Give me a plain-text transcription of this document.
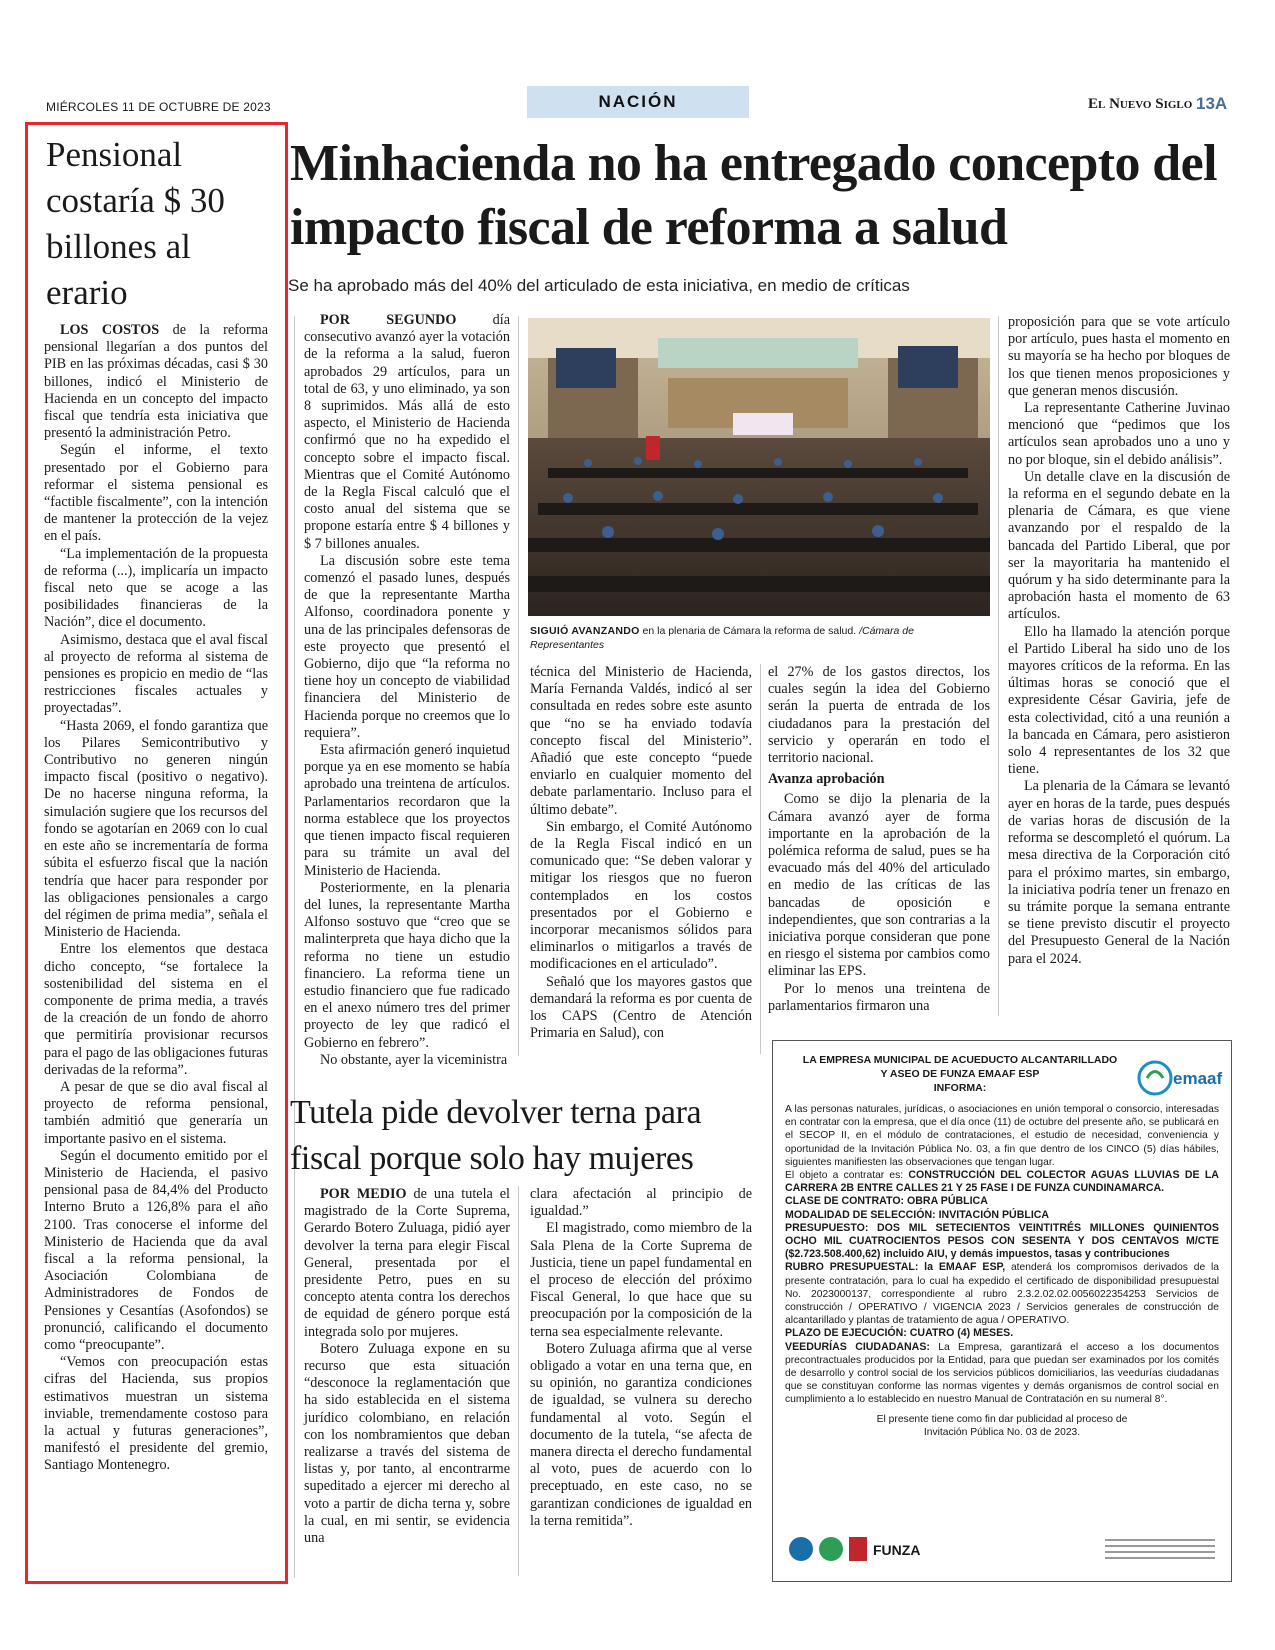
MIÉRCOLES 11 DE OCTUBRE DE 2023	NACIÓN	El Nuevo Siglo 13A
Pensional costaría $ 30 billones al erario

LOS COSTOS de la reforma pensional llegarían a dos puntos del PIB en las próximas décadas, casi $ 30 billones, indicó el Ministerio de Hacienda en un concepto del impacto fiscal que tendría esta iniciativa que presentó la administración Petro.

Según el informe, el texto presentado por el Gobierno para reformar el sistema pensional es “factible fiscalmente”, con la intención de mantener la protección de la vejez en el país.

“La implementación de la propuesta de reforma (...), implicaría un impacto fiscal neto que se acoge a las posibilidades financieras de la Nación”, dice el documento.

Asimismo, destaca que el aval fiscal al proyecto de reforma al sistema de pensiones es propicio en medio de “las restricciones fiscales actuales y proyectadas”.

“Hasta 2069, el fondo garantiza que los Pilares Semicontributivo y Contributivo no generen ningún impacto fiscal (positivo o negativo). De no hacerse ninguna reforma, la simulación sugiere que los recursos del fondo se agotarían en 2069 con lo cual en este año se incrementaría de forma súbita el esfuerzo fiscal que la nación tendría que hacer para responder por las obligaciones pensionales a cargo del régimen de prima media”, señala el Ministerio de Hacienda.

Entre los elementos que destaca dicho concepto, “se fortalece la sostenibilidad del sistema en el componente de prima media, a través de la creación de un fondo de ahorro que permitiría provisionar recursos para el pago de las obligaciones futuras derivadas de la reforma”.

A pesar de que se dio aval fiscal al proyecto de reforma pensional, también admitió que generaría un importante pasivo en el sistema.

Según el documento emitido por el Ministerio de Hacienda, el pasivo pensional pasa de 84,4% del Producto Interno Bruto a 126,8% para el año 2100. Tras conocerse el informe del Ministerio de Hacienda que da aval fiscal a la reforma pensional, la Asociación Colombiana de Administradores de Fondos de Pensiones y Cesantías (Asofondos) se pronunció, calificando el documento como “preocupante”.

“Vemos con preocupación estas cifras del Hacienda, sus propios estimativos muestran un sistema inviable, tremendamente costoso para la actual y futuras generaciones”, manifestó el presidente del gremio, Santiago Montenegro.

Minhacienda no ha entregado concepto del impacto fiscal de reforma a salud
Se ha aprobado más del 40% del articulado de esta iniciativa, en medio de críticas

POR SEGUNDO	día consecutivo avanzó ayer la votación de la reforma a la salud, fueron aprobados 29 artículos, para un total de 63, y uno eliminado, ya son 8 suprimidos. Más allá de esto aspecto, el Ministerio de Hacienda confirmó que no ha expedido el concepto sobre el impacto fiscal. Mientras que el Comité Autónomo de la Regla Fiscal calculó que el costo anual del sistema que se propone estaría entre $ 4 billones y $ 7 billones anuales.

La discusión sobre este tema comenzó el pasado lunes, después de que la representante Martha Alfonso, coordinadora ponente y una de las principales defensoras de este proyecto que presentó el Gobierno, dijo que “la reforma no tiene hoy un concepto de viabilidad financiera del Ministerio de Hacienda porque no creemos que lo requiera”.

Esta afirmación generó inquietud porque ya en ese momento se había aprobado una treintena de artículos. Parlamentarios recordaron que la norma establece que los proyectos que tienen impacto fiscal requieren para su trámite un aval del Ministerio de Hacienda.

Posteriormente, en la plenaria del lunes, la representante Martha Alfonso sostuvo que “creo que se malinterpreta que haya dicho que la reforma no tiene un estudio financiero. La reforma tiene un estudio financiero que fue radicado en el anexo número tres del primer proyecto de ley que radicó el Gobierno en febrero”.

No obstante, ayer la viceministra

SIGUIÓ AVANZANDO en la plenaria de Cámara la reforma de salud. /Cámara de Representantes

técnica del Ministerio de Hacienda, María Fernanda Valdés, indicó al ser consultada en redes sobre este asunto que “no se ha enviado todavía concepto fiscal del Ministerio”. Añadió que este concepto “puede enviarlo en cualquier momento del debate parlamentario. Incluso para el último debate”.

Sin embargo, el Comité Autónomo de la Regla Fiscal indicó en un comunicado que: “Se deben valorar y mitigar los riesgos que no fueron contemplados en los costos presentados por el Gobierno e incorporar mecanismos sólidos para eliminarlos o mitigarlos a través de modificaciones en el articulado”.

Señaló que los mayores gastos que demandará la reforma es por cuenta de los CAPS (Centro de Atención Primaria en Salud), con

el 27% de los gastos directos, los cuales según la idea del Gobierno serán la puerta de entrada de los ciudadanos para la prestación del servicio y operarán en todo el territorio nacional.

Avanza aprobación

Como se dijo la plenaria de la Cámara avanzó ayer de forma importante en la aprobación de la polémica reforma de salud, pues se ha evacuado más del 40% del articulado en medio de las críticas de las bancadas de oposición e independientes, que son contrarias a la iniciativa porque consideran que pone en riesgo el sistema por cambios como eliminar las EPS.

Por lo menos una treintena de parlamentarios firmaron una

proposición para que se vote artículo por artículo, pues hasta el momento en su mayoría se ha hecho por bloques de los que tienen menos proposiciones y que generan menos discusión.

La representante Catherine Juvinao mencionó que “pedimos que los artículos sean aprobados uno a uno y no por bloque, sin el debido análisis”.

Un detalle clave en la discusión de la reforma en el segundo debate en la plenaria de Cámara, es que viene avanzando por el respaldo de la bancada del Partido Liberal, que por ser la mayoritaria ha mantenido el quórum y ha sido determinante para la aprobación hasta el momento de 63 artículos.

Ello ha llamado la atención porque el Partido Liberal ha sido uno de los mayores críticos de la reforma. En las últimas horas se conoció que el expresidente César Gaviria, jefe de esta colectividad, citó a una reunión a la bancada en Cámara, pero asistieron solo 4 representantes de los 32 que tiene.

La plenaria de la Cámara se levantó ayer en horas de la tarde, pues después de varias horas de discusión de la reforma se descompletó el quórum. La mesa directiva de la Corporación citó para el próximo martes, sin embargo, la iniciativa podría tener un frenazo en su trámite porque la semana entrante se tiene previsto discutir el proyecto del Presupuesto General de la Nación para el 2024.

Tutela pide devolver terna para fiscal porque solo hay mujeres

POR MEDIO de una tutela el magistrado de la Corte Suprema, Gerardo Botero Zuluaga, pidió ayer devolver la terna para elegir Fiscal General, presentada por el presidente Petro, pues en su concepto atenta contra los derechos de equidad de género porque está integrada solo por mujeres.

Botero Zuluaga expone en su recurso que esta situación “desconoce la reglamentación que ha sido establecida en el sistema jurídico colombiano, en relación con los nombramientos que deban realizarse a través del sistema de listas y, por tanto, al encontrarme supeditado a ejercer mi derecho al voto a partir de dicha terna y, sobre la cual, en mi sentir, se evidencia una

clara afectación al principio de igualdad.”

El magistrado, como miembro de la Sala Plena de la Corte Suprema de Justicia, tiene un papel fundamental en el proceso de elección del próximo Fiscal General, lo que hace que su preocupación por la composición de la terna sea especialmente relevante.

Botero Zuluaga afirma que al verse obligado a votar en una terna que, en su opinión, no garantiza condiciones de igualdad, se vulnera su derecho fundamental al voto. Según el documento de la tutela, “se afecta de manera directa el derecho fundamental al voto, pues de acuerdo con lo preceptuado, en este caso, no se garantizan condiciones de igualdad en la terna remitida”.

LA EMPRESA MUNICIPAL DE ACUEDUCTO ALCANTARILLADO
Y ASEO DE FUNZA EMAAF ESP
INFORMA:	emaaf
A las personas naturales, jurídicas, o asociaciones en unión temporal o consorcio, interesadas en contratar con la empresa, que el día once (11) de octubre del presente año, se publicará en el SECOP II, en el módulo de contrataciones, el estudio de necesidad, conveniencia y oportunidad de la Invitación Pública No. 03, a fin que dentro de los CINCO (5) días hábiles, siguientes manifiesten las observaciones que tengan lugar.
El objeto a contratar es: CONSTRUCCIÓN DEL COLECTOR AGUAS LLUVIAS DE LA CARRERA 2B ENTRE CALLES 21 Y 25 FASE I DE FUNZA CUNDINAMARCA.
CLASE DE CONTRATO: OBRA PÚBLICA
MODALIDAD DE SELECCIÓN: INVITACIÓN PÚBLICA
PRESUPUESTO: DOS MIL SETECIENTOS VEINTITRÉS MILLONES QUINIENTOS OCHO MIL CUATROCIENTOS PESOS CON SESENTA Y DOS CENTAVOS M/CTE ($2.723.508.400,62) incluido AIU, y demás impuestos, tasas y contribuciones
RUBRO PRESUPUESTAL: la EMAAF ESP, atenderá los compromisos derivados de la presente contratación, para lo cual ha expedido el certificado de disponibilidad presupuestal No. 2023000137, correspondiente al rubro 2.3.2.02.02.00560223542​53 Servicios de construcción / OPERATIVO / VIGENCIA 2023 / Servicios generales de construcción de alcantarillado y plantas de tratamiento de agua / OPERATIVO.
PLAZO DE EJECUCIÓN: CUATRO (4) MESES.
VEEDURÍAS CIUDADANAS: La Empresa, garantizará el acceso a los documentos precontractuales producidos por la Entidad, para que puedan ser examinados por los comités de desarrollo y control social de los servicios públicos domiciliarios, las veedurías ciudadanas que se constituyan conforme las normas vigentes y demás organismos de control social en cumplimiento a lo establecido en nuestro Manual de Contratación en su numeral 8°.
El presente tiene como fin dar publicidad al proceso de
Invitación Pública No. 03 de 2023.
FUNZA
